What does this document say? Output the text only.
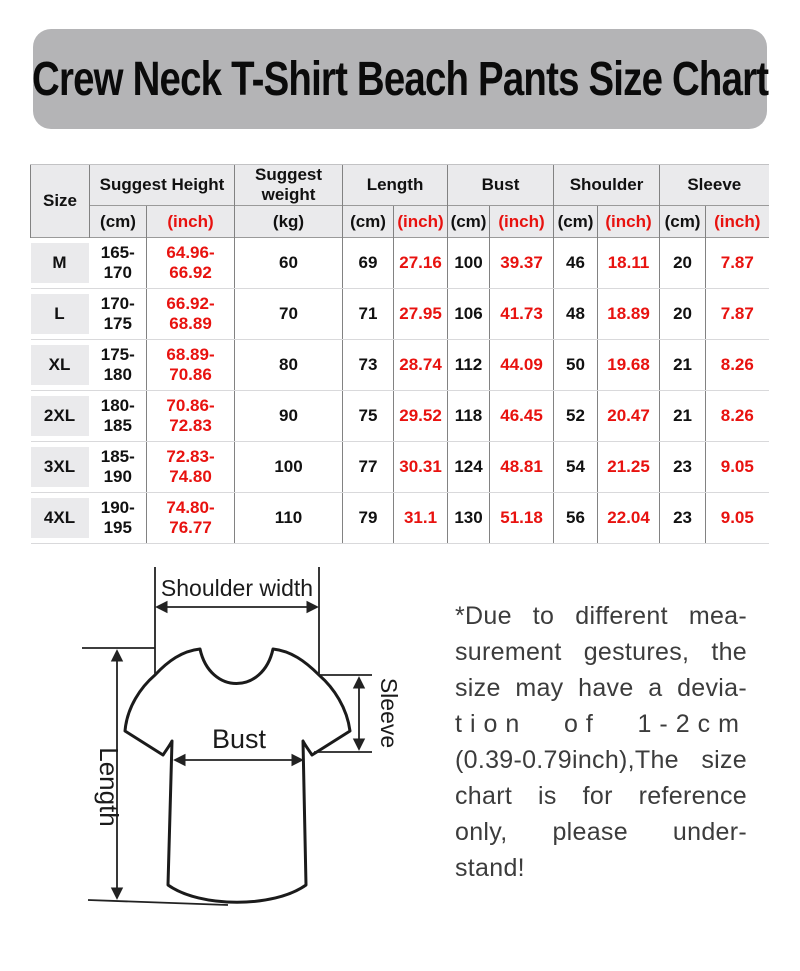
Crew Neck T-Shirt Beach Pants Size Chart
Size	Suggest Height		Suggest weight	Length		Bust		Shoulder		Sleeve	
	(cm)	(inch)	(kg)	(cm)	(inch)	(cm)	(inch)	(cm)	(inch)	(cm)	(inch)

M	165-170	64.96-66.92	60	69	27.16	100	39.37	46	18.11	20	7.87

L	170-175	66.92-68.89	70	71	27.95	106	41.73	48	18.89	20	7.87

XL	175-180	68.89-70.86	80	73	28.74	112	44.09	50	19.68	21	8.26

2XL	180-185	70.86-72.83	90	75	29.52	118	46.45	52	20.47	21	8.26

3XL	185-190	72.83-74.80	100	77	30.31	124	48.81	54	21.25	23	9.05

4XL	190-195	74.80-76.77	110	79	31.1	130	51.18	56	22.04	23	9.05
Shoulder width
Length
Sleeve
Bust
*Due to different mea-
surement gestures, the
size may have a devia-
tion of 1-2cm
(0.39-0.79inch),The size
chart is for reference
only, please under-
stand!
